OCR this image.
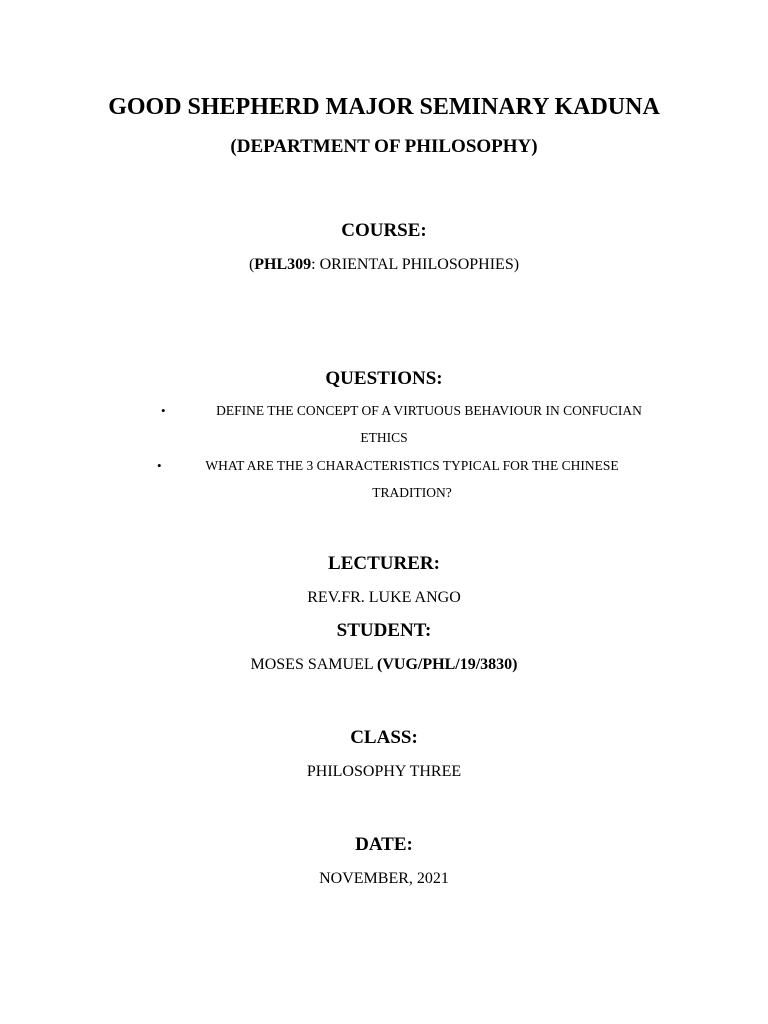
GOOD SHEPHERD MAJOR SEMINARY KADUNA
(DEPARTMENT OF PHILOSOPHY)
COURSE:
(PHL309: ORIENTAL PHILOSOPHIES)
QUESTIONS:
•	DEFINE THE CONCEPT OF A VIRTUOUS BEHAVIOUR IN CONFUCIAN
ETHICS
•	WHAT ARE THE 3 CHARACTERISTICS TYPICAL FOR THE CHINESE
TRADITION?
LECTURER:
REV.FR. LUKE ANGO
STUDENT:
MOSES SAMUEL (VUG/PHL/19/3830)
CLASS:
PHILOSOPHY THREE
DATE:
NOVEMBER, 2021
